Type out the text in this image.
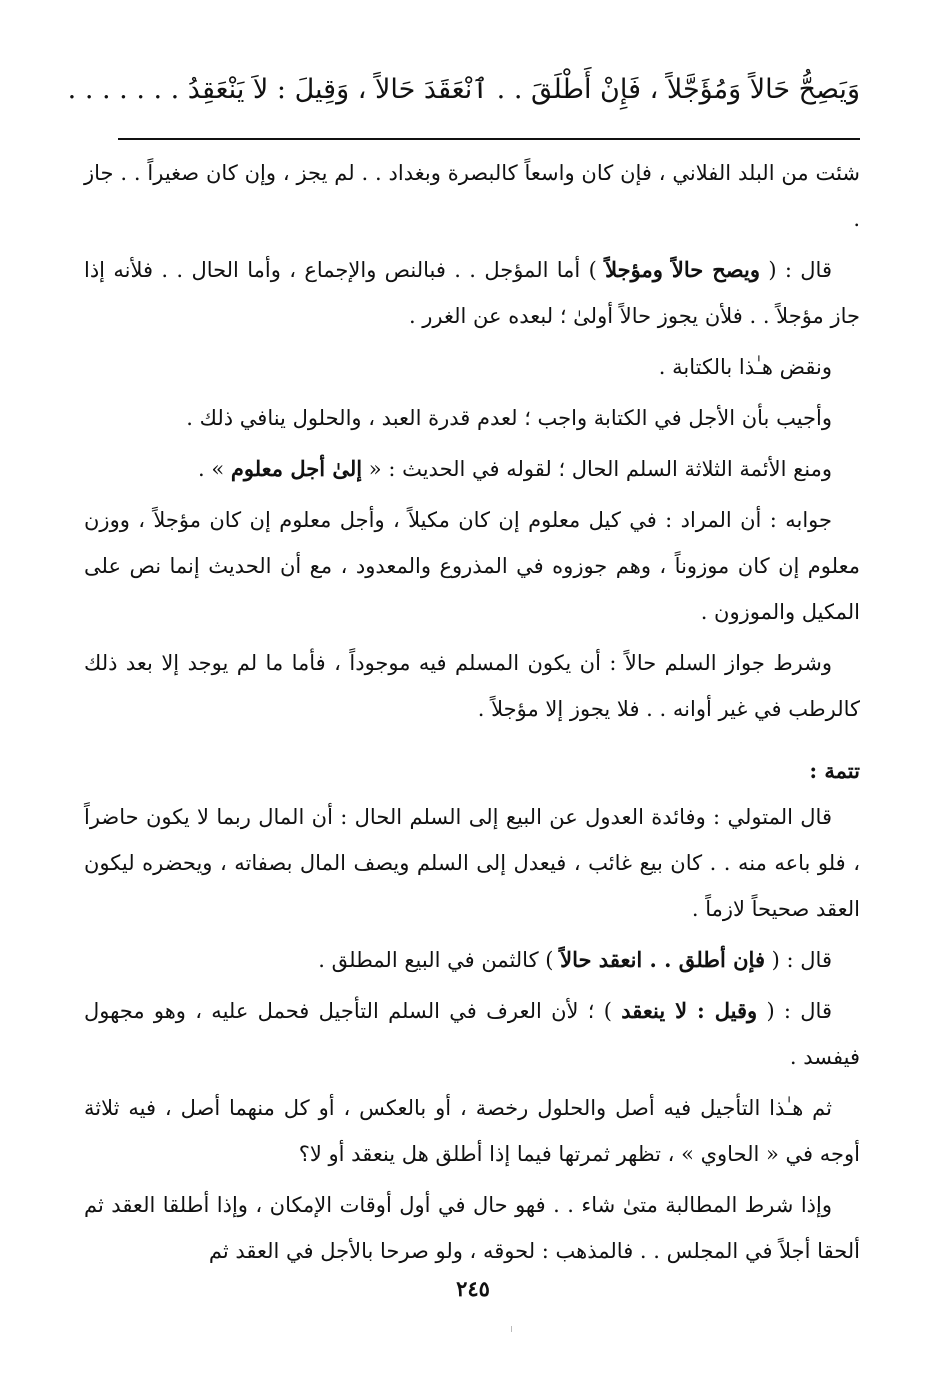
وَيَصِحُّ حَالاً وَمُؤَجَّلاً ، فَإِنْ أَطْلَقَ . . ٱنْعَقَدَ حَالاً ، وَقِيلَ : لاَ يَنْعَقِدُ . . . . . . .

شئت من البلد الفلاني ، فإن كان واسعاً كالبصرة وبغداد . . لم يجز ، وإن كان صغيراً . . جاز .

قال : ( ويصح حالاً ومؤجلاً ) أما المؤجل . . فبالنص والإجماع ، وأما الحال . . فلأنه إذا جاز مؤجلاً . . فلأن يجوز حالاً أولىٰ ؛ لبعده عن الغرر .

ونقض هـٰذا بالكتابة .

وأجيب بأن الأجل في الكتابة واجب ؛ لعدم قدرة العبد ، والحلول ينافي ذلك .

ومنع الأئمة الثلاثة السلم الحال ؛ لقوله في الحديث : « إلىٰ أجل معلوم » .

جوابه : أن المراد : في كيل معلوم إن كان مكيلاً ، وأجل معلوم إن كان مؤجلاً ، ووزن معلوم إن كان موزوناً ، وهم جوزوه في المذروع والمعدود ، مع أن الحديث إنما نص على المكيل والموزون .

وشرط جواز السلم حالاً : أن يكون المسلم فيه موجوداً ، فأما ما لم يوجد إلا بعد ذلك كالرطب في غير أوانه . . فلا يجوز إلا مؤجلاً .

تتمة :

قال المتولي : وفائدة العدول عن البيع إلى السلم الحال : أن المال ربما لا يكون حاضراً ، فلو باعه منه . . كان بيع غائب ، فيعدل إلى السلم ويصف المال بصفاته ، ويحضره ليكون العقد صحيحاً لازماً .

قال : ( فإن أطلق . . انعقد حالاً ) كالثمن في البيع المطلق .

قال : ( وقيل : لا ينعقد ) ؛ لأن العرف في السلم التأجيل فحمل عليه ، وهو مجهول فيفسد .

ثم هـٰذا التأجيل فيه أصل والحلول رخصة ، أو بالعكس ، أو كل منهما أصل ، فيه ثلاثة أوجه في « الحاوي » ، تظهر ثمرتها فيما إذا أطلق هل ينعقد أو لا؟

وإذا شرط المطالبة متىٰ شاء . . فهو حال في أول أوقات الإمكان ، وإذا أطلقا العقد ثم ألحقا أجلاً في المجلس . . فالمذهب : لحوقه ، ولو صرحا بالأجل في العقد ثم

٢٤٥
